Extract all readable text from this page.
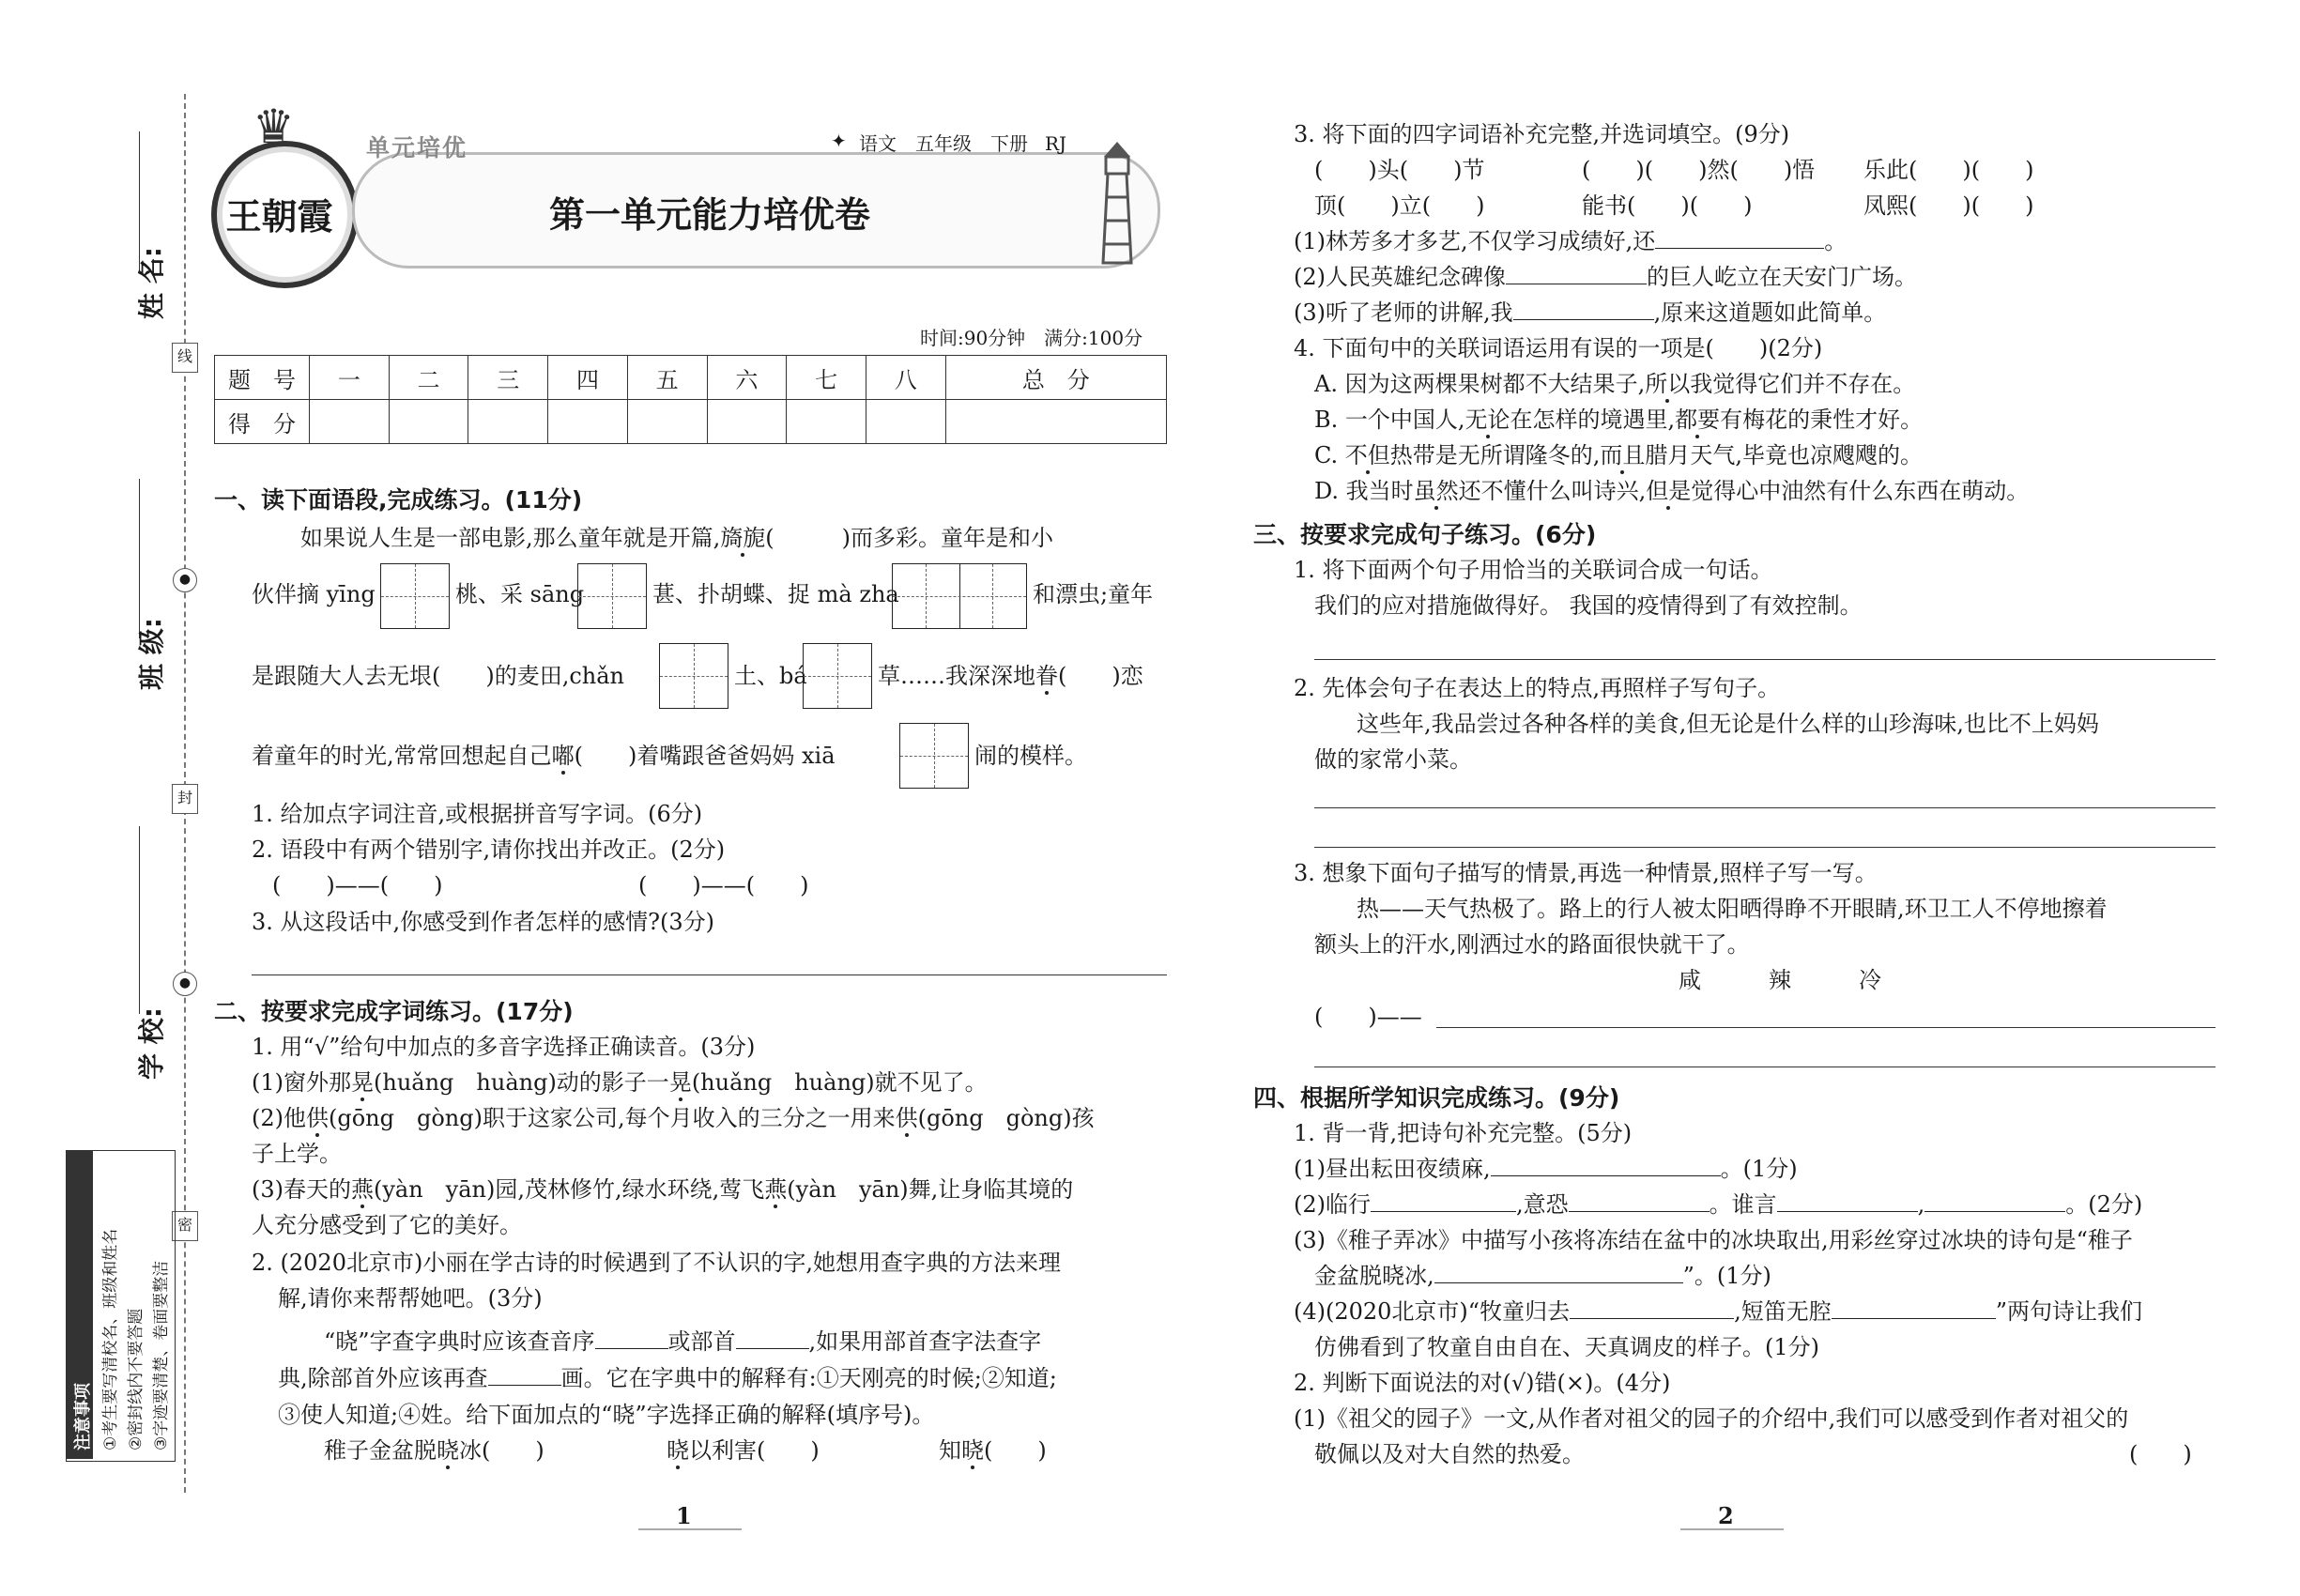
姓 名:
班 级:
学 校:
线
●
封
●
密
注意事项 ①考生要写清校名、班级和姓名 ②密封线内不要答题 ③字迹要清楚、卷面要整洁
♛
王朝霞
单元培优	✦ 语文 五年级 下册 RJ
第一单元能力培优卷
时间:90分钟　满分:100分
题　号	一	二	三	四	五	六	七	八	总　分
得　分									
一、读下面语段,完成练习。(11分)
如果说人生是一部电影,那么童年就是开篇,旖旎(　　　)而多彩。童年是和小
伙伴摘 yīng	桃、采 sāng	葚、扑胡蝶、捉 mà zha	和漂虫;童年
是跟随大人去无垠(　　)的麦田,chǎn	土、bá	草……我深深地眷(　　)恋
着童年的时光,常常回想起自己嘟(　　)着嘴跟爸爸妈妈 xiā	闹的模样。
1. 给加点字词注音,或根据拼音写字词。(6分)
2. 语段中有两个错别字,请你找出并改正。(2分)
(　　)——(　　)	(　　)——(　　)
3. 从这段话中,你感受到作者怎样的感情?(3分)
二、按要求完成字词练习。(17分)
1. 用“√”给句中加点的多音字选择正确读音。(3分)
(1)窗外那晃(huǎng　huàng)动的影子一晃(huǎng　huàng)就不见了。
(2)他供(gōng　gòng)职于这家公司,每个月收入的三分之一用来供(gōng　gòng)孩
子上学。
(3)春天的燕(yàn　yān)园,茂林修竹,绿水环绕,莺飞燕(yàn　yān)舞,让身临其境的
人充分感受到了它的美好。
2. (2020北京市)小丽在学古诗的时候遇到了不认识的字,她想用查字典的方法来理
解,请你来帮帮她吧。(3分)
“晓”字查字典时应该查音序	或部首	,如果用部首查字法查字
典,除部首外应该再查	画。它在字典中的解释有:①天刚亮的时候;②知道;
③使人知道;④姓。给下面加点的“晓”字选择正确的解释(填序号)。
稚子金盆脱晓冰(　　)	晓以利害(　　)	知晓(　　)
1
3. 将下面的四字词语补充完整,并选词填空。(9分)
(　　)头(　　)节	(　　)(　　)然(　　)悟 乐此(　　)(　　)
顶(　　)立(　　)	能书(　　)(　　)	凤熙(　　)(　　)
(1)林芳多才多艺,不仅学习成绩好,还	。
(2)人民英雄纪念碑像	的巨人屹立在天安门广场。
(3)听了老师的讲解,我	,原来这道题如此简单。
4. 下面句中的关联词语运用有误的一项是(　　)(2分)
A. 因为这两棵果树都不大结果子,所以我觉得它们并不存在。
B. 一个中国人,无论在怎样的境遇里,都要有梅花的秉性才好。
C. 不但热带是无所谓隆冬的,而且腊月天气,毕竟也凉飕飕的。
D. 我当时虽然还不懂什么叫诗兴,但是觉得心中油然有什么东西在萌动。
三、按要求完成句子练习。(6分)
1. 将下面两个句子用恰当的关联词合成一句话。
我们的应对措施做得好。 我国的疫情得到了有效控制。
2. 先体会句子在表达上的特点,再照样子写句子。
这些年,我品尝过各种各样的美食,但无论是什么样的山珍海味,也比不上妈妈
做的家常小菜。
3. 想象下面句子描写的情景,再选一种情景,照样子写一写。
热——天气热极了。路上的行人被太阳晒得睁不开眼睛,环卫工人不停地擦着
额头上的汗水,刚洒过水的路面很快就干了。
咸　　　辣　　　冷
(　　)——
四、根据所学知识完成练习。(9分)
1. 背一背,把诗句补充完整。(5分)
(1)昼出耘田夜绩麻,	。(1分)
(2)临行	,意恐	。谁言	,	。(2分)
(3)《稚子弄冰》中描写小孩将冻结在盆中的冰块取出,用彩丝穿过冰块的诗句是“稚子
金盆脱晓冰,	”。(1分)
(4)(2020北京市)“牧童归去	,短笛无腔	”两句诗让我们
仿佛看到了牧童自由自在、天真调皮的样子。(1分)
2. 判断下面说法的对(√)错(×)。(4分)
(1)《祖父的园子》一文,从作者对祖父的园子的介绍中,我们可以感受到作者对祖父的
敬佩以及对大自然的热爱。	(　　)
2
